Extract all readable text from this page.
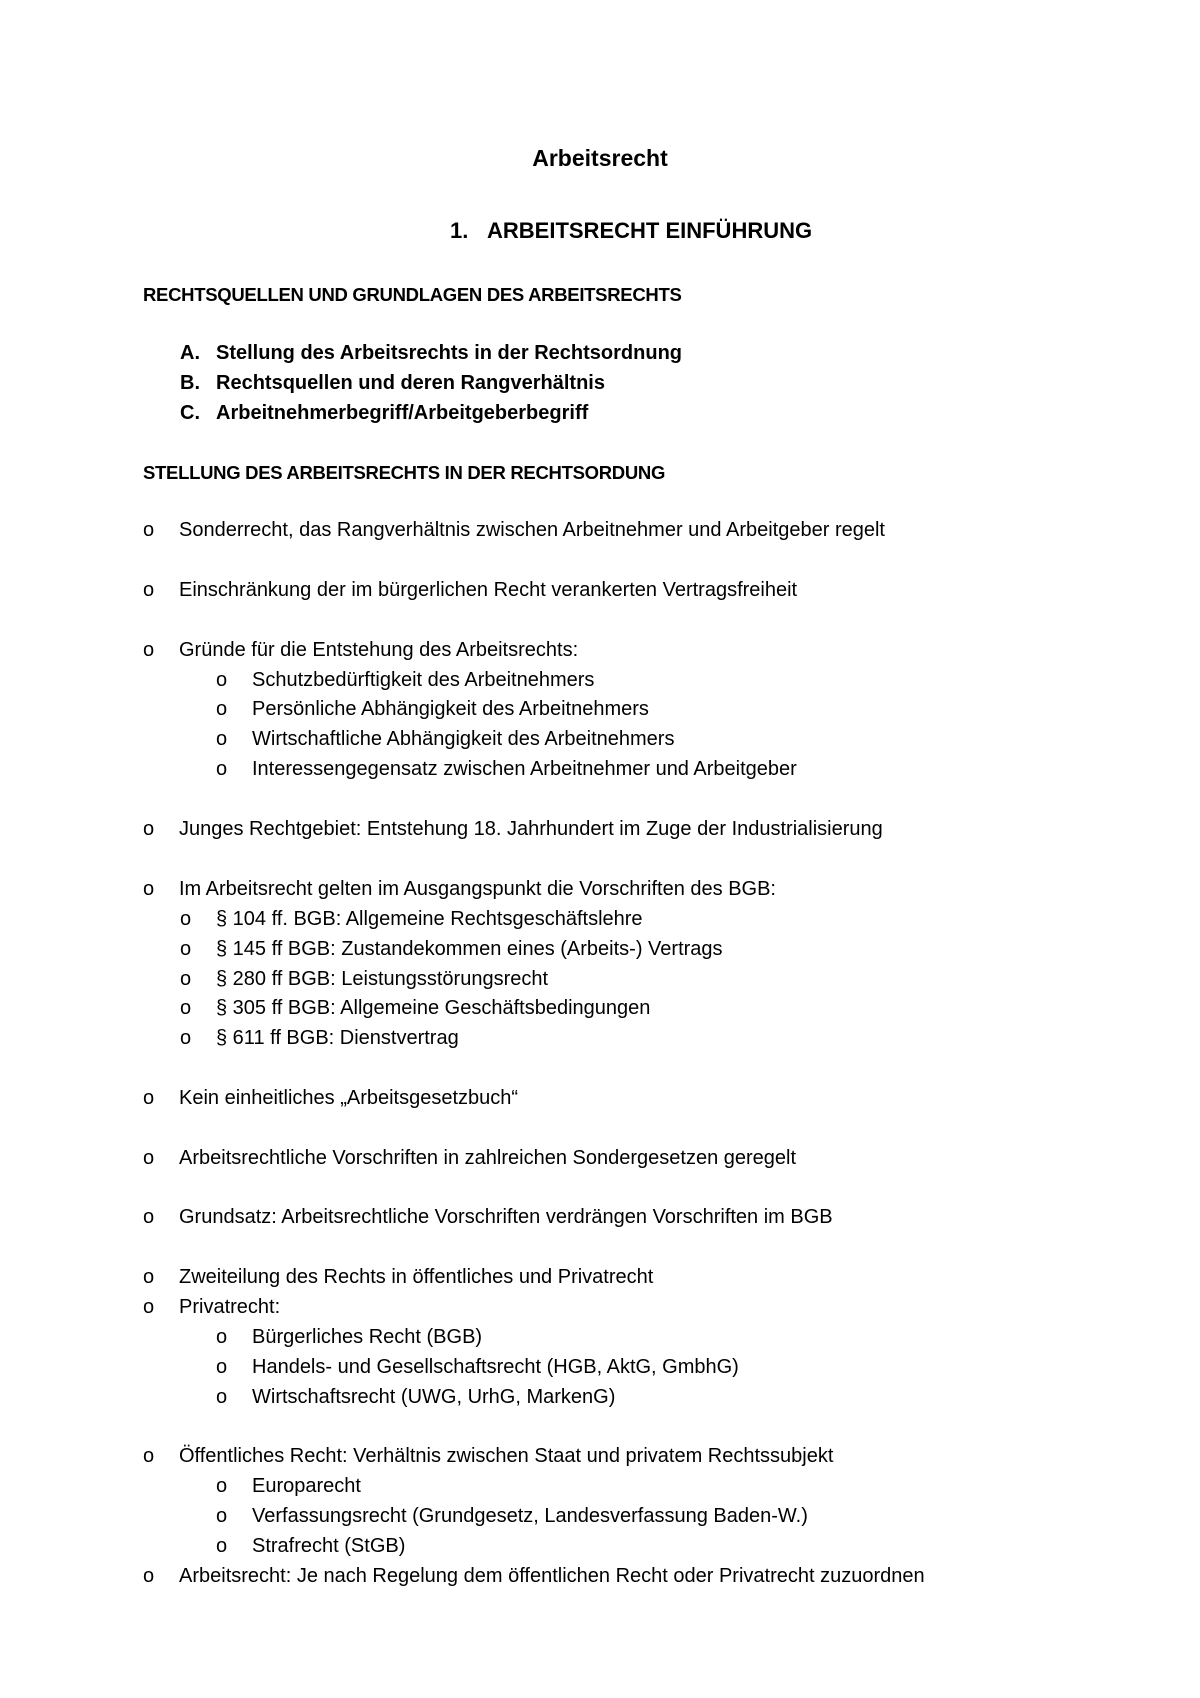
Arbeitsrecht
1. ARBEITSRECHT EINFÜHRUNG
RECHTSQUELLEN UND GRUNDLAGEN DES ARBEITSRECHTS
A. Stellung des Arbeitsrechts in der Rechtsordnung
B. Rechtsquellen und deren Rangverhältnis
C. Arbeitnehmerbegriff/Arbeitgeberbegriff
STELLUNG DES ARBEITSRECHTS IN DER RECHTSORDUNG
o Sonderrecht, das Rangverhältnis zwischen Arbeitnehmer und Arbeitgeber regelt
o Einschränkung der im bürgerlichen Recht verankerten Vertragsfreiheit
o Gründe für die Entstehung des Arbeitsrechts:
o Schutzbedürftigkeit des Arbeitnehmers
o Persönliche Abhängigkeit des Arbeitnehmers
o Wirtschaftliche Abhängigkeit des Arbeitnehmers
o Interessengegensatz zwischen Arbeitnehmer und Arbeitgeber
o Junges Rechtgebiet: Entstehung 18. Jahrhundert im Zuge der Industrialisierung
o Im Arbeitsrecht gelten im Ausgangspunkt die Vorschriften des BGB:
o § 104 ff. BGB: Allgemeine Rechtsgeschäftslehre
o § 145 ff BGB: Zustandekommen eines (Arbeits-) Vertrags
o § 280 ff BGB: Leistungsstörungsrecht
o § 305 ff BGB: Allgemeine Geschäftsbedingungen
o § 611 ff BGB: Dienstvertrag
o Kein einheitliches „Arbeitsgesetzbuch“
o Arbeitsrechtliche Vorschriften in zahlreichen Sondergesetzen geregelt
o Grundsatz: Arbeitsrechtliche Vorschriften verdrängen Vorschriften im BGB
o Zweiteilung des Rechts in öffentliches und Privatrecht
o Privatrecht:
o Bürgerliches Recht (BGB)
o Handels- und Gesellschaftsrecht (HGB, AktG, GmbhG)
o Wirtschaftsrecht (UWG, UrhG, MarkenG)
o Öffentliches Recht: Verhältnis zwischen Staat und privatem Rechtssubjekt
o Europarecht
o Verfassungsrecht (Grundgesetz, Landesverfassung Baden-W.)
o Strafrecht (StGB)
o Arbeitsrecht: Je nach Regelung dem öffentlichen Recht oder Privatrecht zuzuordnen
